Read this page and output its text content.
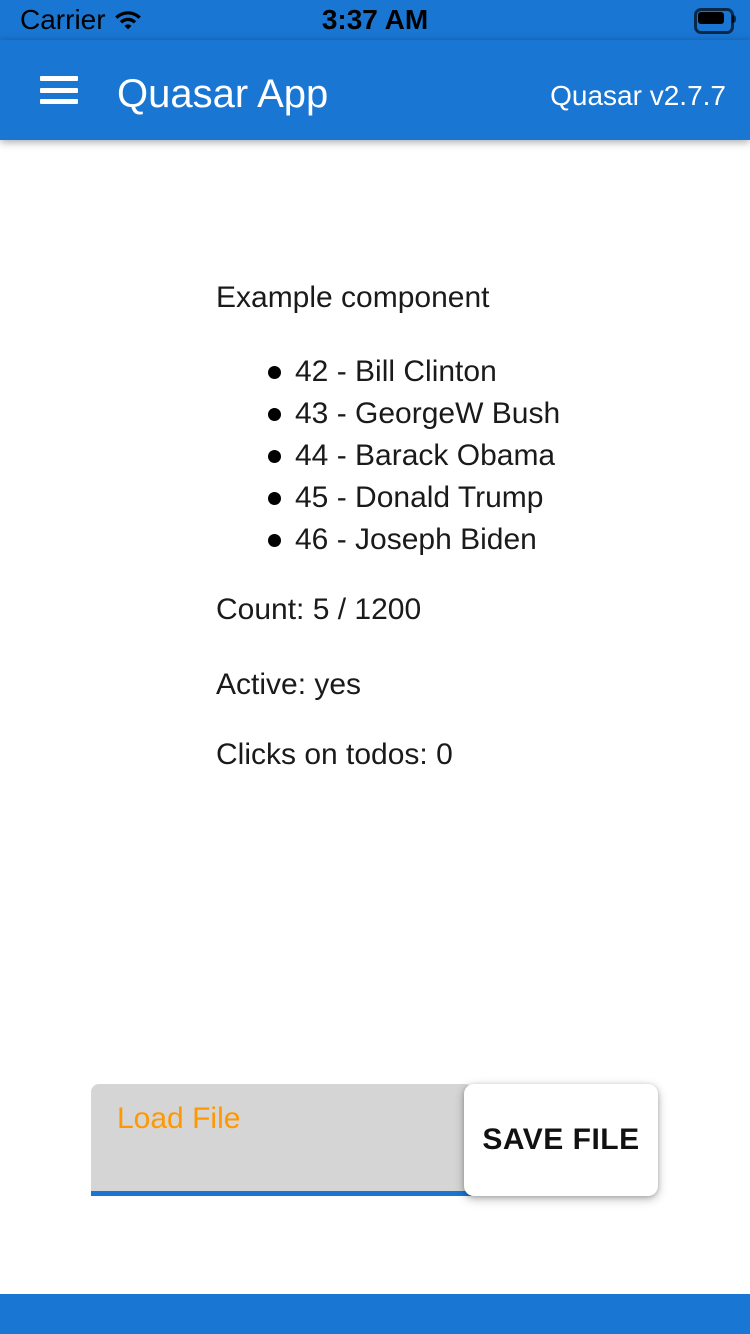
Carrier	3:37 AM
Quasar App	Quasar v2.7.7
Example component
42 - Bill Clinton
43 - GeorgeW Bush
44 - Barack Obama
45 - Donald Trump
46 - Joseph Biden
Count: 5 / 1200
Active: yes
Clicks on todos: 0
Load File
SAVE FILE
